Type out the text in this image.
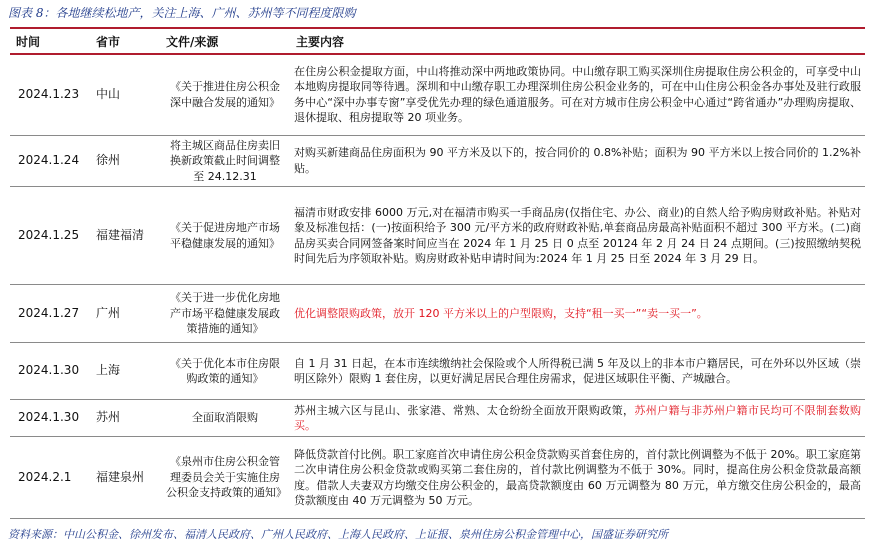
图表 8：各地继续松地产，关注上海、广州、苏州等不同程度限购
时间	省市	文件/来源	主要内容
2024.1.23	中山	《关于推进住房公积金深中融合发展的通知》	在住房公积金提取方面，中山将推动深中两地政策协同。中山缴存职工购买深圳住房提取住房公积金的，可享受中山本地购房提取同等待遇。深圳和中山缴存职工办理深圳住房公积金业务的，可在中山住房公积金各办事处及驻行政服务中心“深中办事专窗”享受优先办理的绿色通道服务。可在对方城市住房公积金中心通过“跨省通办”办理购房提取、退休提取、租房提取等 20 项业务。
2024.1.24	徐州	将主城区商品住房卖旧换新政策截止时间调整至 24.12.31	对购买新建商品住房面积为 90 平方米及以下的，按合同价的 0.8%补贴；面积为 90 平方米以上按合同价的 1.2%补贴。
2024.1.25	福建福清	《关于促进房地产市场平稳健康发展的通知》	福清市财政安排 6000 万元,对在福清市购买一手商品房(仅指住宅、办公、商业)的自然人给予购房财政补贴。补贴对象及标准包括：(一)按面积给予 300 元/平方米的政府财政补贴,单套商品房最高补贴面积不超过 300 平方米。(二)商品房买卖合同网签备案时间应当在 2024 年 1 月 25 日 0 点至 20124 年 2 月 24 日 24 点期间。(三)按照缴纳契税时间先后为序领取补贴。购房财政补贴申请时间为:2024 年 1 月 25 日至 2024 年 3 月 29 日。
2024.1.27	广州	《关于进一步优化房地产市场平稳健康发展政策措施的通知》	优化调整限购政策，放开 120 平方米以上的户型限购，支持“租一买一”“卖一买一”。
2024.1.30	上海	《关于优化本市住房限购政策的通知》	自 1 月 31 日起，在本市连续缴纳社会保险或个人所得税已满 5 年及以上的非本市户籍居民，可在外环以外区域（崇明区除外）限购 1 套住房，以更好满足居民合理住房需求，促进区域职住平衡、产城融合。
2024.1.30	苏州	全面取消限购	苏州主城六区与昆山、张家港、常熟、太仓纷纷全面放开限购政策，苏州户籍与非苏州户籍市民均可不限制套数购买。
2024.2.1	福建泉州	《泉州市住房公积金管理委员会关于实施住房公积金支持政策的通知》	降低贷款首付比例。职工家庭首次申请住房公积金贷款购买首套住房的，首付款比例调整为不低于 20%。职工家庭第二次申请住房公积金贷款或购买第二套住房的，首付款比例调整为不低于 30%。同时，提高住房公积金贷款最高额度。借款人夫妻双方均缴交住房公积金的，最高贷款额度由 60 万元调整为 80 万元，单方缴交住房公积金的，最高贷款额度由 40 万元调整为 50 万元。
资料来源：中山公积金、徐州发布、福清人民政府、广州人民政府、上海人民政府、上证报、泉州住房公积金管理中心，国盛证券研究所
